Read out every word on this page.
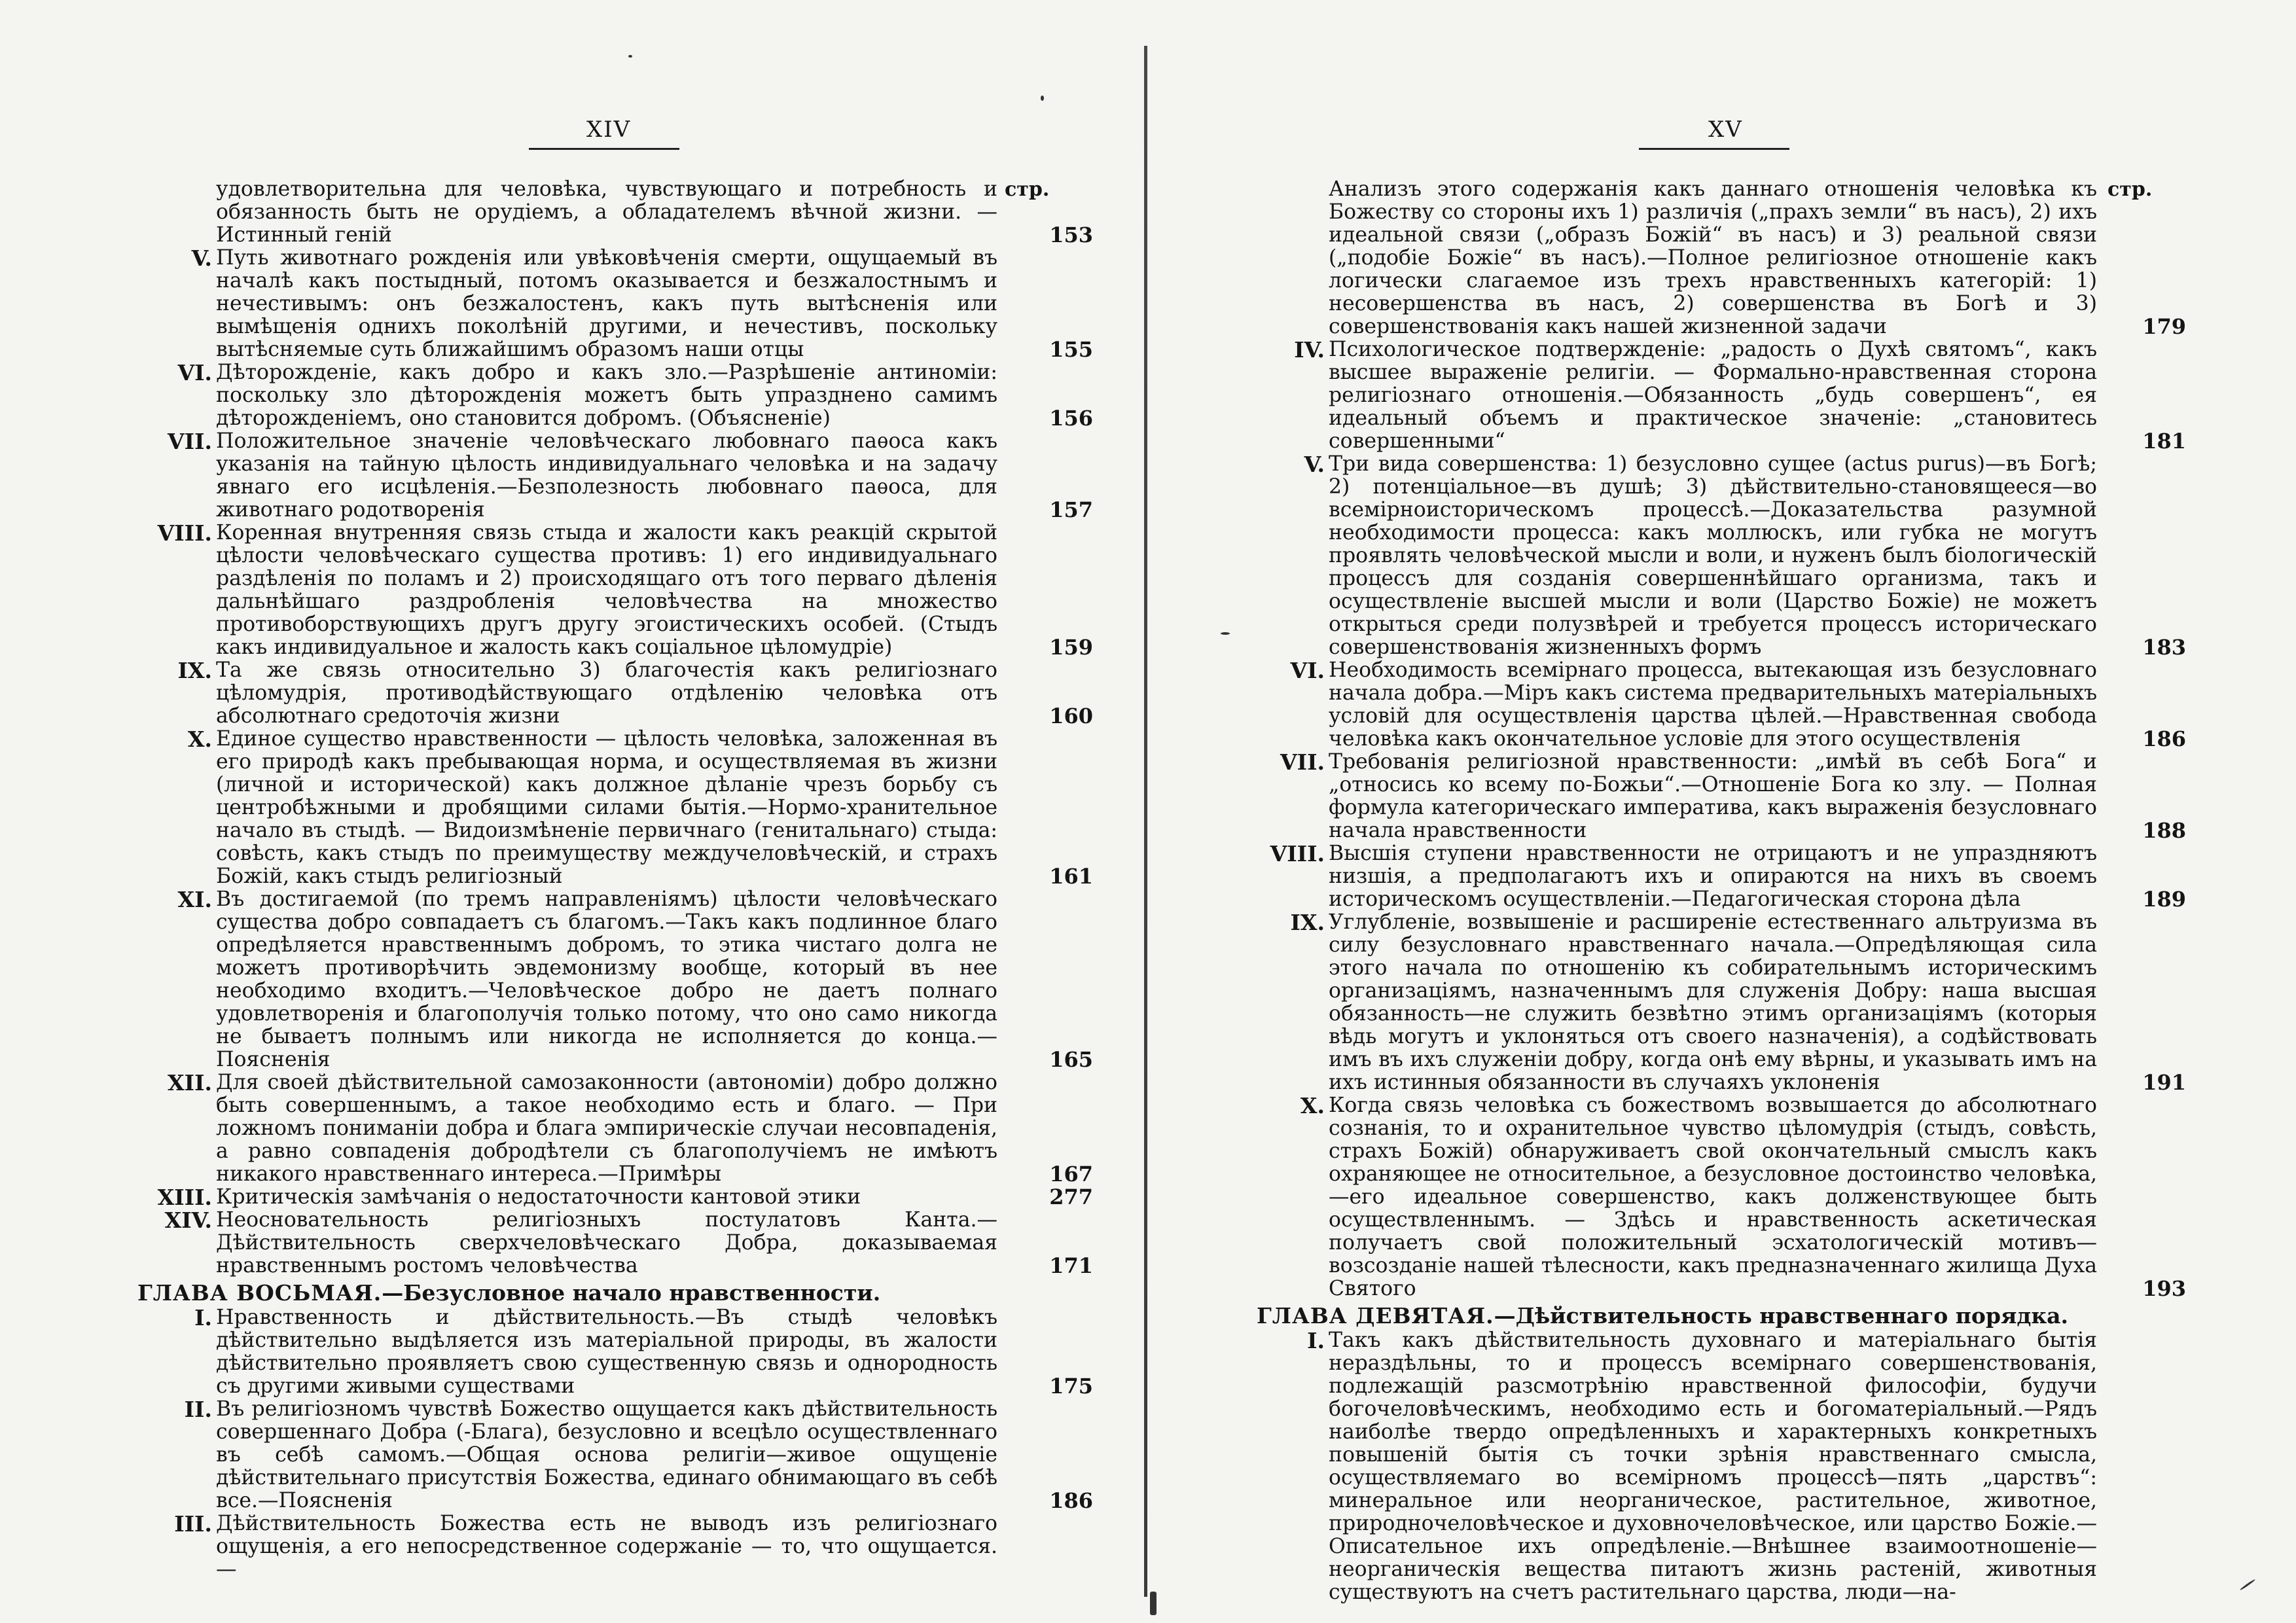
XIV
стр.
удовлетворительна для человѣка, чувствующаго и потребность и обязанность быть не орудіемъ, а обладателемъ вѣчной жизни. — Истинный геній	153
V. Путь животнаго рожденія или увѣковѣченія смерти, ощущаемый въ началѣ какъ постыдный, потомъ оказывается и безжалостнымъ и нечестивымъ: онъ безжалостенъ, какъ путь вытѣсненія или вымѣщенія однихъ поколѣній другими, и нечестивъ, поскольку вытѣсняемые суть ближайшимъ образомъ наши отцы	155
VI. Дѣторожденіе, какъ добро и какъ зло.—Разрѣшеніе антиноміи: поскольку зло дѣторожденія можетъ быть упразднено самимъ дѣторожденіемъ, оно становится добромъ. (Объясненіе)	156
VII. Положительное значеніе человѣческаго любовнаго паѳоса какъ указанія на тайную цѣлость индивидуальнаго человѣка и на задачу явнаго его исцѣленія.—Безполезность любовнаго паѳоса, для животнаго родотворенія	157
VIII. Коренная внутренняя связь стыда и жалости какъ реакцій скрытой цѣлости человѣческаго существа противъ: 1) его индивидуальнаго раздѣленія по поламъ и 2) происходящаго отъ того перваго дѣленія дальнѣйшаго раздробленія человѣчества на множество противоборствующихъ другъ другу эгоистическихъ особей. (Стыдъ какъ индивидуальное и жалость какъ соціальное цѣломудріе)	159
IX. Та же связь относительно 3) благочестія какъ религіознаго цѣломудрія, противодѣйствующаго отдѣленію человѣка отъ абсолютнаго средоточія жизни	160
X. Единое существо нравственности — цѣлость человѣка, заложенная въ его природѣ какъ пребывающая норма, и осуществляемая въ жизни (личной и исторической) какъ должное дѣланіе чрезъ борьбу съ центробѣжными и дробящими силами бытія.—Нормо-хранительное начало въ стыдѣ. — Видоизмѣненіе первичнаго (генитальнаго) стыда: совѣсть, какъ стыдъ по преимуществу междучеловѣческій, и страхъ Божій, какъ стыдъ религіозный	161
XI. Въ достигаемой (по тремъ направленіямъ) цѣлости человѣческаго существа добро совпадаетъ съ благомъ.—Такъ какъ подлинное благо опредѣляется нравственнымъ добромъ, то этика чистаго долга не можетъ противорѣчить эвдемонизму вообще, который въ нее необходимо входитъ.—Человѣческое добро не даетъ полнаго удовлетворенія и благополучія только потому, что оно само никогда не бываетъ полнымъ или никогда не исполняется до конца.—Поясненія	165
XII. Для своей дѣйствительной самозаконности (автономіи) добро должно быть совершеннымъ, а такое необходимо есть и благо. — При ложномъ пониманіи добра и блага эмпирическіе случаи несовпаденія, а равно совпаденія добродѣтели съ благополучіемъ не имѣютъ никакого нравственнаго интереса.—Примѣры	167
XIII. Критическія замѣчанія о недостаточности кантовой этики	277
XIV. Неосновательность религіозныхъ постулатовъ Канта.—Дѣйствительность сверхчеловѣческаго Добра, доказываемая нравственнымъ ростомъ человѣчества	171
ГЛАВА ВОСЬМАЯ.—Безусловное начало нравственности.
I. Нравственность и дѣйствительность.—Въ стыдѣ человѣкъ дѣйствительно выдѣляется изъ матеріальной природы, въ жалости дѣйствительно проявляетъ свою существенную связь и однородность съ другими живыми существами	175
II. Въ религіозномъ чувствѣ Божество ощущается какъ дѣйствительность совершеннаго Добра (-Блага), безусловно и всецѣло осуществленнаго въ себѣ самомъ.—Общая основа религіи—живое ощущеніе дѣйствительнаго присутствія Божества, единаго обнимающаго въ себѣ все.—Поясненія	186
III. Дѣйствительность Божества есть не выводъ изъ религіознаго ощущенія, а его непосредственное содержаніе — то, что ощущается. —
XV
стр.
Анализъ этого содержанія какъ даннаго отношенія человѣка къ Божеству со стороны ихъ 1) различія („прахъ земли“ въ насъ), 2) ихъ идеальной связи („образъ Божій“ въ насъ) и 3) реальной связи („подобіе Божіе“ въ насъ).—Полное религіозное отношеніе какъ логически слагаемое изъ трехъ нравственныхъ категорій: 1) несовершенства въ насъ, 2) совершенства въ Богѣ и 3) совершенствованія какъ нашей жизненной задачи	179
IV. Психологическое подтвержденіе: „радость о Духѣ святомъ“, какъ высшее выраженіе религіи. — Формально-нравственная сторона религіознаго отношенія.—Обязанность „будь совершенъ“, ея идеальный объемъ и практическое значеніе: „становитесь совершенными“	181
V. Три вида совершенства: 1) безусловно сущее (actus purus)—въ Богѣ; 2) потенціальное—въ душѣ; 3) дѣйствительно-становящееся—во всемірноисторическомъ процессѣ.—Доказательства разумной необходимости процесса: какъ моллюскъ, или губка не могутъ проявлять человѣческой мысли и воли, и нуженъ былъ біологическій процессъ для созданія совершеннѣйшаго организма, такъ и осуществленіе высшей мысли и воли (Царство Божіе) не можетъ открыться среди полузвѣрей и требуется процессъ историческаго совершенствованія жизненныхъ формъ	183
VI. Необходимость всемірнаго процесса, вытекающая изъ безусловнаго начала добра.—Міръ какъ система предварительныхъ матеріальныхъ условій для осуществленія царства цѣлей.—Нравственная свобода человѣка какъ окончательное условіе для этого осуществленія	186
VII. Требованія религіозной нравственности: „имѣй въ себѣ Бога“ и „относись ко всему по-Божьи“.—Отношеніе Бога ко злу. — Полная формула категорическаго императива, какъ выраженія безусловнаго начала нравственности	188
VIII. Высшія ступени нравственности не отрицаютъ и не упраздняютъ низшія, а предполагаютъ ихъ и опираются на нихъ въ своемъ историческомъ осуществленіи.—Педагогическая сторона дѣла	189
IX. Углубленіе, возвышеніе и расширеніе естественнаго альтруизма въ силу безусловнаго нравственнаго начала.—Опредѣляющая сила этого начала по отношенію къ собирательнымъ историческимъ организаціямъ, назначеннымъ для служенія Добру: наша высшая обязанность—не служить безвѣтно этимъ организаціямъ (которыя вѣдь могутъ и уклоняться отъ своего назначенія), а содѣйствовать имъ въ ихъ служеніи добру, когда онѣ ему вѣрны, и указывать имъ на ихъ истинныя обязанности въ случаяхъ уклоненія	191
X. Когда связь человѣка съ божествомъ возвышается до абсолютнаго сознанія, то и охранительное чувство цѣломудрія (стыдъ, совѣсть, страхъ Божій) обнаруживаетъ свой окончательный смыслъ какъ охраняющее не относительное, а безусловное достоинство человѣка,—его идеальное совершенство, какъ долженствующее быть осуществленнымъ. — Здѣсь и нравственность аскетическая получаетъ свой положительный эсхатологическій мотивъ—возсозданіе нашей тѣлесности, какъ предназначеннаго жилища Духа Святого	193
ГЛАВА ДЕВЯТАЯ.—Дѣйствительность нравственнаго порядка.
I. Такъ какъ дѣйствительность духовнаго и матеріальнаго бытія нераздѣльны, то и процессъ всемірнаго совершенствованія, подлежащій разсмотрѣнію нравственной философіи, будучи богочеловѣческимъ, необходимо есть и богоматеріальный.—Рядъ наиболѣе твердо опредѣленныхъ и характерныхъ конкретныхъ повышеній бытія съ точки зрѣнія нравственнаго смысла, осуществляемаго во всемірномъ процессѣ—пять „царствъ“: минеральное или неорганическое, растительное, животное, природночеловѣческое и духовночеловѣческое, или царство Божіе.—Описательное ихъ опредѣленіе.—Внѣшнее взаимоотношеніе—неорганическія вещества питаютъ жизнь растеній, животныя существуютъ на счетъ растительнаго царства, люди—на-
